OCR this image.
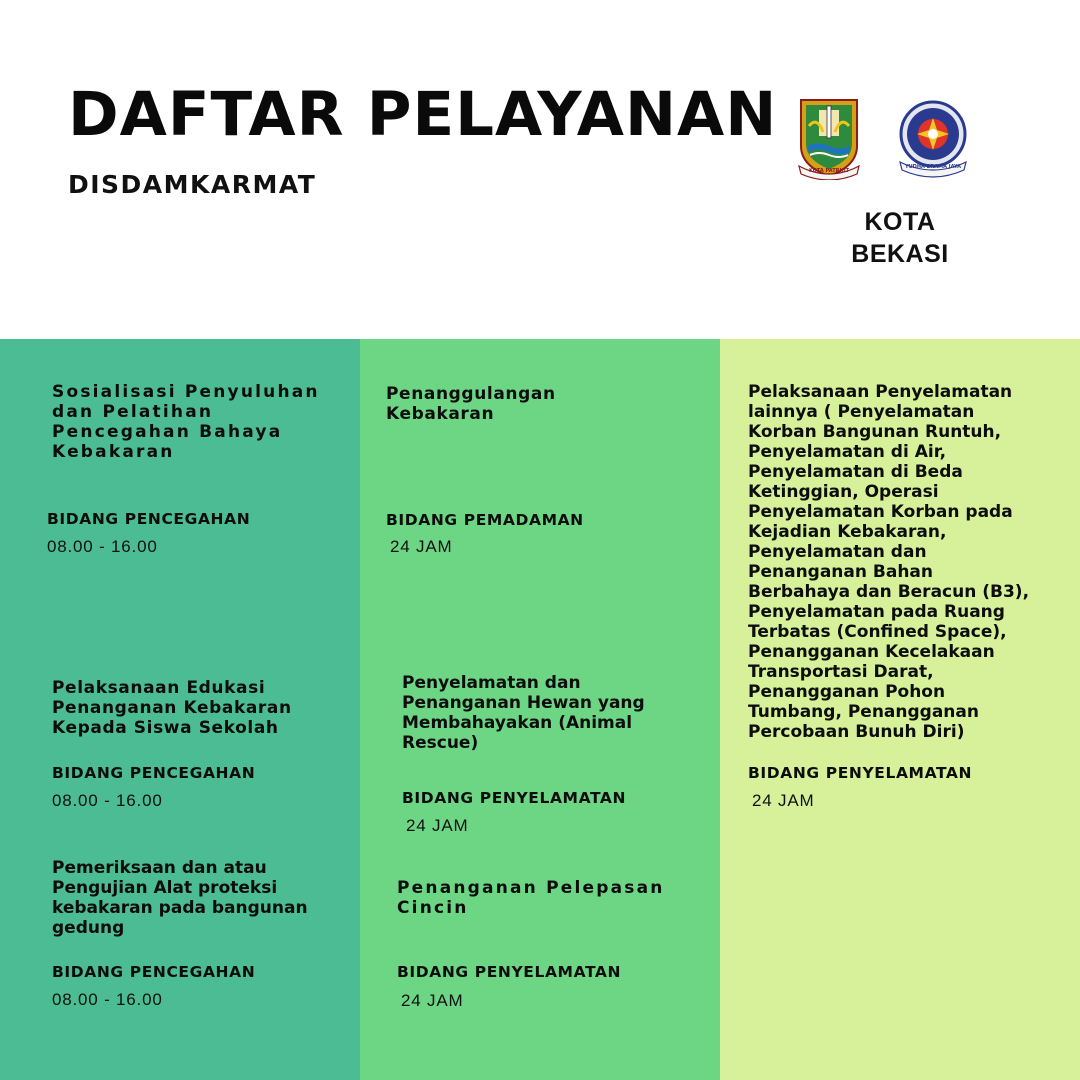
DAFTAR PELAYANAN
DISDAMKARMAT	KOTA PATRIOT
YUDHA BRAMA JAYA
KOTA
BEKASI

Sosialisasi Penyuluhan dan Pelatihan Pencegahan Bahaya Kebakaran

BIDANG PENCEGAHAN
08.00 - 16.00

Pelaksanaan Edukasi Penanganan Kebakaran Kepada Siswa Sekolah

BIDANG PENCEGAHAN
08.00 - 16.00

Pemeriksaan dan atau Pengujian Alat proteksi kebakaran pada bangunan gedung

BIDANG PENCEGAHAN
08.00 - 16.00

Penanggulangan Kebakaran

BIDANG PEMADAMAN
24 JAM

Penyelamatan dan Penanganan Hewan yang Membahayakan (Animal Rescue)

BIDANG PENYELAMATAN
24 JAM

Penanganan Pelepasan Cincin

BIDANG PENYELAMATAN
24 JAM

Pelaksanaan Penyelamatan lainnya ( Penyelamatan Korban Bangunan Runtuh, Penyelamatan di Air, Penyelamatan di Beda Ketinggian, Operasi Penyelamatan Korban pada Kejadian Kebakaran, Penyelamatan dan Penanganan Bahan Berbahaya dan Beracun (B3), Penyelamatan pada Ruang Terbatas (Confined Space), Penangganan Kecelakaan Transportasi Darat, Penangganan Pohon Tumbang, Penangganan Percobaan Bunuh Diri)

BIDANG PENYELAMATAN
24 JAM
